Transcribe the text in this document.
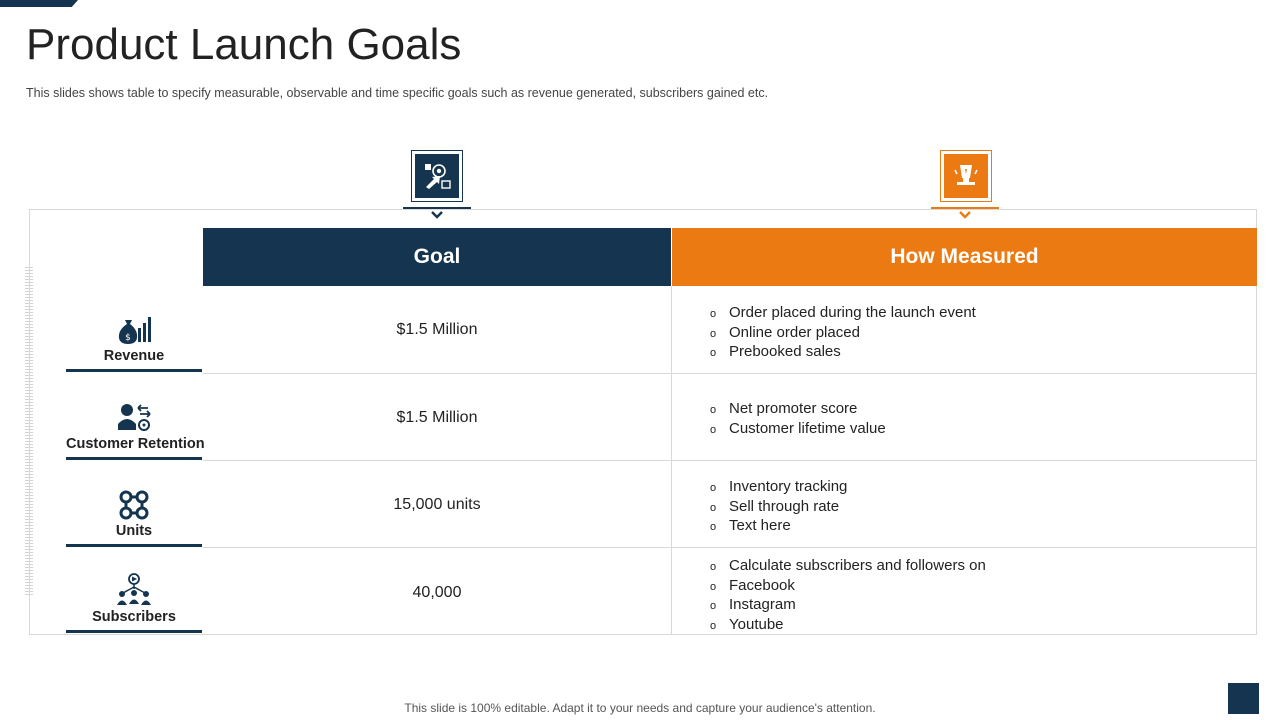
Product Launch Goals
This slides shows table to specify measurable, observable and time specific goals such as revenue generated, subscribers gained etc.
Goal	How Measured
$
Revenue
$1.5 Million
o Order placed during the launch event
o Online order placed
o Prebooked sales
Customer Retention
$1.5 Million	o Net promoter score
o Customer lifetime value
Units
15,000 units
o Inventory tracking
o Sell through rate
o Text here
Subscribers
40,000
o Calculate subscribers and followers on
o Facebook
o Instagram
o Youtube
This slide is 100% editable. Adapt it to your needs and capture your audience's attention.
